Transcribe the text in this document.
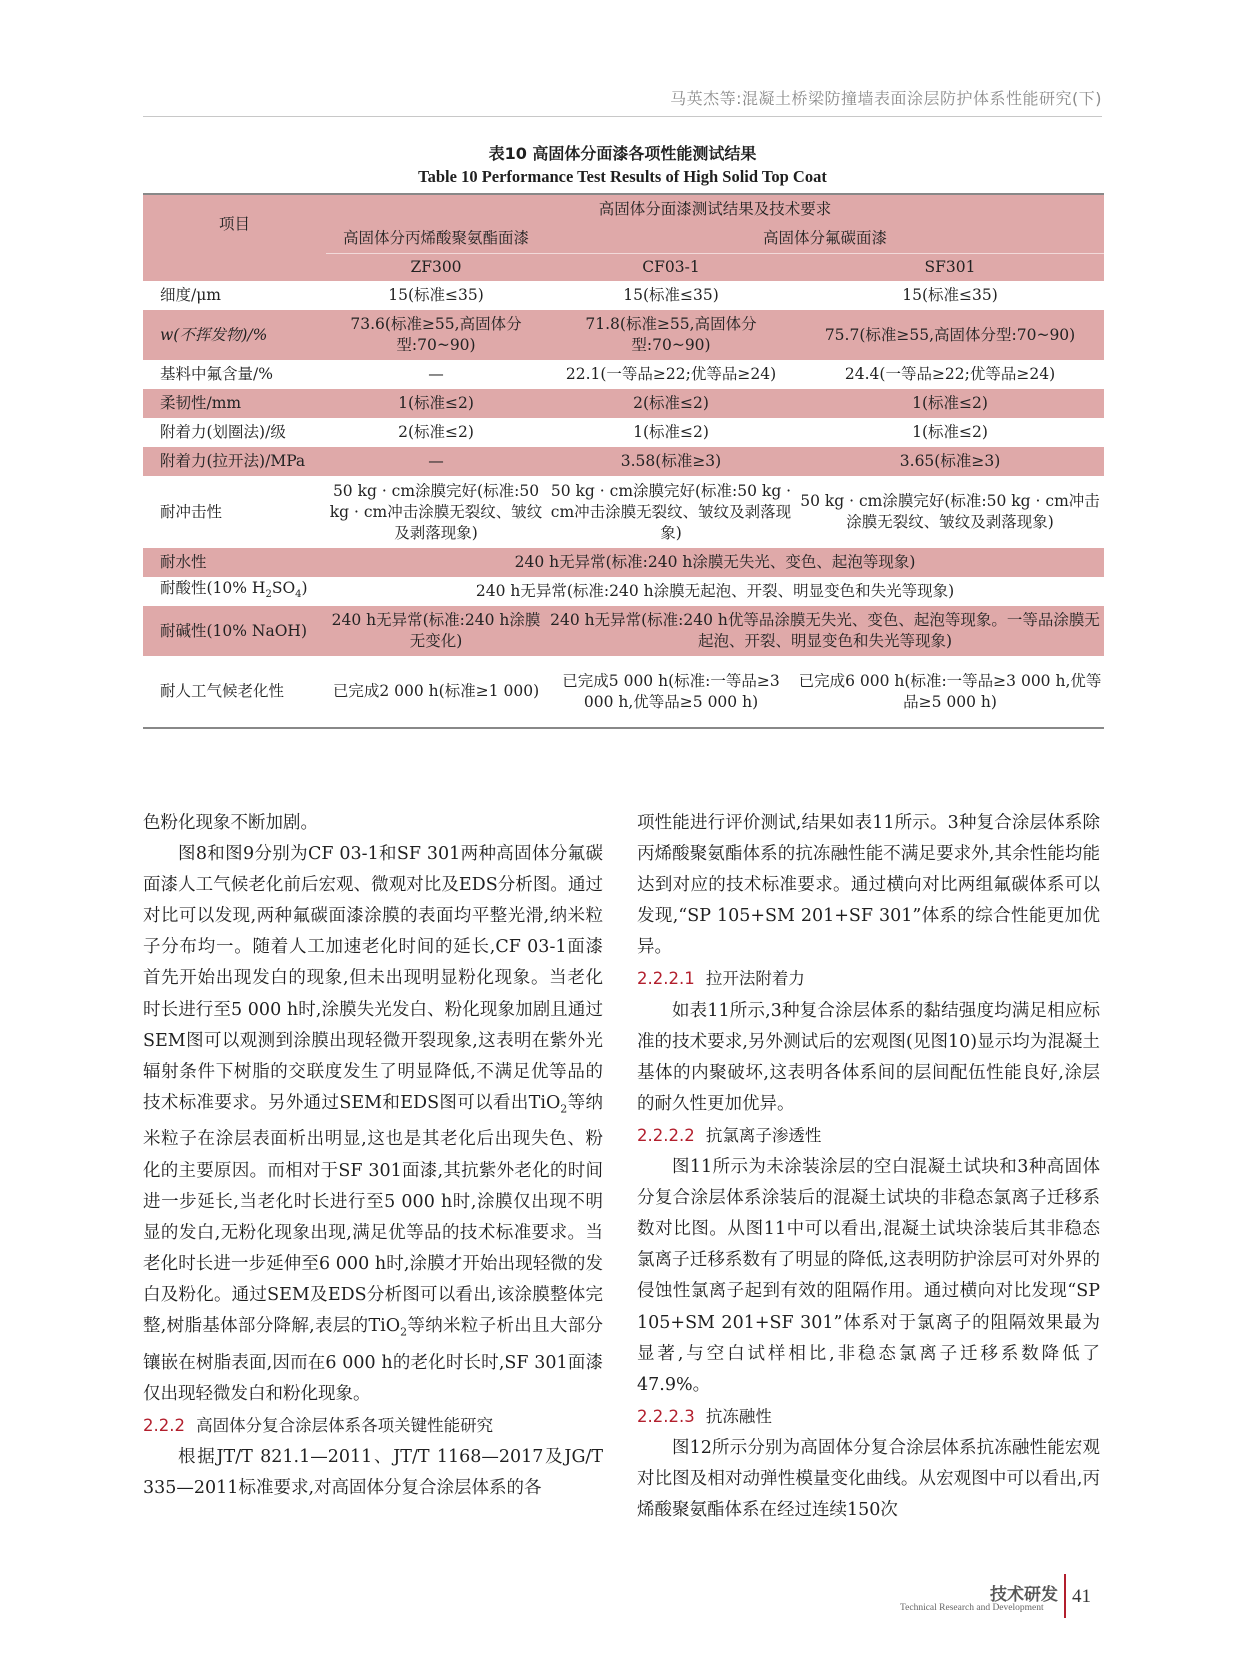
马英杰等:混凝土桥梁防撞墙表面涂层防护体系性能研究(下)
表10 高固体分面漆各项性能测试结果
Table 10 Performance Test Results of High Solid Top Coat
项目	高固体分面漆测试结果及技术要求		
	高固体分丙烯酸聚氨酯面漆	高固体分氟碳面漆	
	ZF300	CF03-1	SF301
细度/μm	15(标准≤35)	15(标准≤35)	15(标准≤35)
w(不挥发物)/%	73.6(标准≥55,高固体分型:70~90)	71.8(标准≥55,高固体分型:70~90)	75.7(标准≥55,高固体分型:70~90)
基料中氟含量/%	—	22.1(一等品≥22;优等品≥24)	24.4(一等品≥22;优等品≥24)
柔韧性/mm	1(标准≤2)	2(标准≤2)	1(标准≤2)
附着力(划圈法)/级	2(标准≤2)	1(标准≤2)	1(标准≤2)
附着力(拉开法)/MPa	—	3.58(标准≥3)	3.65(标准≥3)
耐冲击性	50 kg · cm涂膜完好(标准:50 kg · cm冲击涂膜无裂纹、皱纹及剥落现象)	50 kg · cm涂膜完好(标准:50 kg · cm冲击涂膜无裂纹、皱纹及剥落现象)	50 kg · cm涂膜完好(标准:50 kg · cm冲击涂膜无裂纹、皱纹及剥落现象)
耐水性	240 h无异常(标准:240 h涂膜无失光、变色、起泡等现象)		
耐酸性(10% $H_2SO_4$)	240 h无异常(标准:240 h涂膜无起泡、开裂、明显变色和失光等现象)		
耐碱性(10% NaOH)	240 h无异常(标准:240 h涂膜无变化)	240 h无异常(标准:240 h优等品涂膜无失光、变色、起泡等现象。一等品涂膜无起泡、开裂、明显变色和失光等现象)	
耐人工气候老化性	已完成2 000 h(标准≥1 000)	已完成5 000 h(标准:一等品≥3 000 h,优等品≥5 000 h)	已完成6 000 h(标准:一等品≥3 000 h,优等品≥5 000 h)

色粉化现象不断加剧。

图8和图9分别为CF 03-1和SF 301两种高固体分氟碳面漆人工气候老化前后宏观、微观对比及EDS分析图。通过对比可以发现,两种氟碳面漆涂膜的表面均平整光滑,纳米粒子分布均一。随着人工加速老化时间的延长,CF 03-1面漆首先开始出现发白的现象,但未出现明显粉化现象。当老化时长进行至5 000 h时,涂膜失光发白、粉化现象加剧且通过SEM图可以观测到涂膜出现轻微开裂现象,这表明在紫外光辐射条件下树脂的交联度发生了明显降低,不满足优等品的技术标准要求。另外通过SEM和EDS图可以看出TiO$_2$等纳米粒子在涂层表面析出明显,这也是其老化后出现失色、粉化的主要原因。而相对于SF 301面漆,其抗紫外老化的时间进一步延长,当老化时长进行至5 000 h时,涂膜仅出现不明显的发白,无粉化现象出现,满足优等品的技术标准要求。当老化时长进一步延伸至6 000 h时,涂膜才开始出现轻微的发白及粉化。通过SEM及EDS分析图可以看出,该涂膜整体完整,树脂基体部分降解,表层的TiO$_2$等纳米粒子析出且大部分镶嵌在树脂表面,因而在6 000 h的老化时长时,SF 301面漆仅出现轻微发白和粉化现象。

2.2.2 高固体分复合涂层体系各项关键性能研究

根据JT/T 821.1—2011、JT/T 1168—2017及JG/T 335—2011标准要求,对高固体分复合涂层体系的各

项性能进行评价测试,结果如表11所示。3种复合涂层体系除丙烯酸聚氨酯体系的抗冻融性能不满足要求外,其余性能均能达到对应的技术标准要求。通过横向对比两组氟碳体系可以发现,“SP 105+SM 201+SF 301”体系的综合性能更加优异。

2.2.2.1 拉开法附着力

如表11所示,3种复合涂层体系的黏结强度均满足相应标准的技术要求,另外测试后的宏观图(见图10)显示均为混凝土基体的内聚破坏,这表明各体系间的层间配伍性能良好,涂层的耐久性更加优异。

2.2.2.2 抗氯离子渗透性

图11所示为未涂装涂层的空白混凝土试块和3种高固体分复合涂层体系涂装后的混凝土试块的非稳态氯离子迁移系数对比图。从图11中可以看出,混凝土试块涂装后其非稳态氯离子迁移系数有了明显的降低,这表明防护涂层可对外界的侵蚀性氯离子起到有效的阻隔作用。通过横向对比发现“SP 105+SM 201+SF 301”体系对于氯离子的阻隔效果最为显著,与空白试样相比,非稳态氯离子迁移系数降低了47.9%。

2.2.2.3 抗冻融性

图12所示分别为高固体分复合涂层体系抗冻融性能宏观对比图及相对动弹性模量变化曲线。从宏观图中可以看出,丙烯酸聚氨酯体系在经过连续150次

技术研发
Technical Research and Development
41
